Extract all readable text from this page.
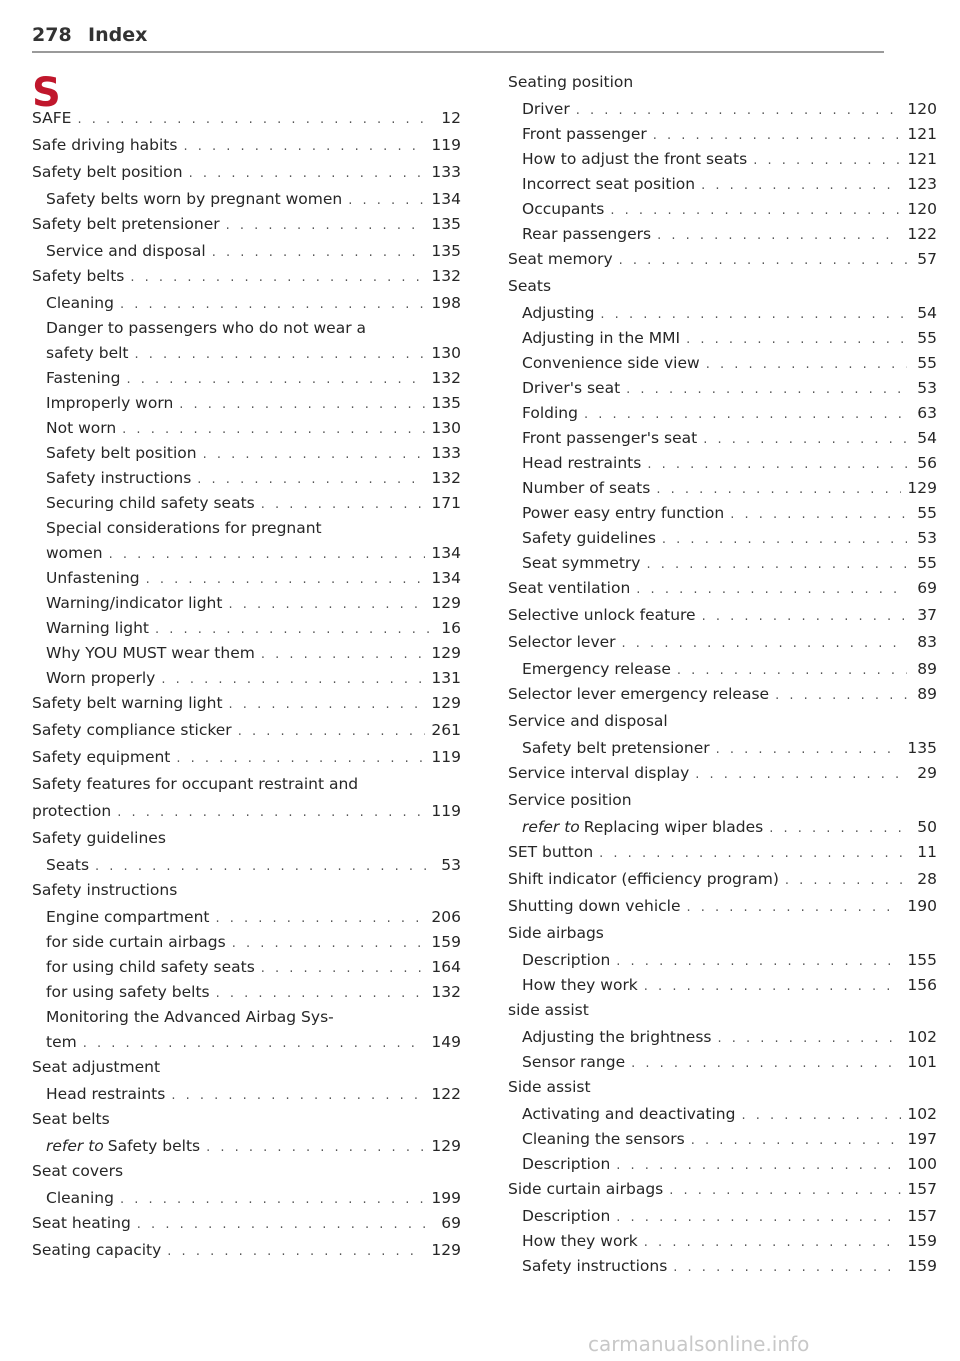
278 Index
S
SAFE . . .	12
Safe driving habits . . .	119
Safety belt position . . .	133
Safety belts worn by pregnant women . . .	134
Safety belt pretensioner . . .	135
Service and disposal . . .	135
Safety belts . . .	132
Cleaning . . .	198
Danger to passengers who do not wear a
safety belt . . .	130
Fastening . . .	132
Improperly worn . . .	135
Not worn . . .	130
Safety belt position . . .	133
Safety instructions . . .	132
Securing child safety seats . . .	171
Special considerations for pregnant
women . . .	134
Unfastening . . .	134
Warning/indicator light . . .	129
Warning light . . .	16
Why YOU MUST wear them . . .	129
Worn properly . . .	131
Safety belt warning light . . .	129
Safety compliance sticker . . .	261
Safety equipment . . .	119
Safety features for occupant restraint and
protection . . .	119
Safety guidelines
Seats . . .	53
Safety instructions
Engine compartment . . .	206
for side curtain airbags . . .	159
for using child safety seats . . .	164
for using safety belts . . .	132
Monitoring the Advanced Airbag Sys-
tem . . .	149
Seat adjustment
Head restraints . . .	122
Seat belts
refer to Safety belts . . .	129
Seat covers
Cleaning . . .	199
Seat heating . . .	69
Seating capacity . . .	129
Seating position
Driver . . .	120
Front passenger . . .	121
How to adjust the front seats . . .	121
Incorrect seat position . . .	123
Occupants . . .	120
Rear passengers . . .	122
Seat memory . . .	57
Seats
Adjusting . . .	54
Adjusting in the MMI . . .	55
Convenience side view . . .	55
Driver's seat . . .	53
Folding . . .	63
Front passenger's seat . . .	54
Head restraints . . .	56
Number of seats . . .	129
Power easy entry function . . .	55
Safety guidelines . . .	53
Seat symmetry . . .	55
Seat ventilation . . .	69
Selective unlock feature . . .	37
Selector lever . . .	83
Emergency release . . .	89
Selector lever emergency release . . .	89
Service and disposal
Safety belt pretensioner . . .	135
Service interval display . . .	29
Service position
refer to Replacing wiper blades . . .	50
SET button . . .	11
Shift indicator (efficiency program) . . .	28
Shutting down vehicle . . .	190
Side airbags
Description . . .	155
How they work . . .	156
side assist
Adjusting the brightness . . .	102
Sensor range . . .	101
Side assist
Activating and deactivating . . .	102
Cleaning the sensors . . .	197
Description . . .	100
Side curtain airbags . . .	157
Description . . .	157
How they work . . .	159
Safety instructions . . .	159
carmanualsonline.info
